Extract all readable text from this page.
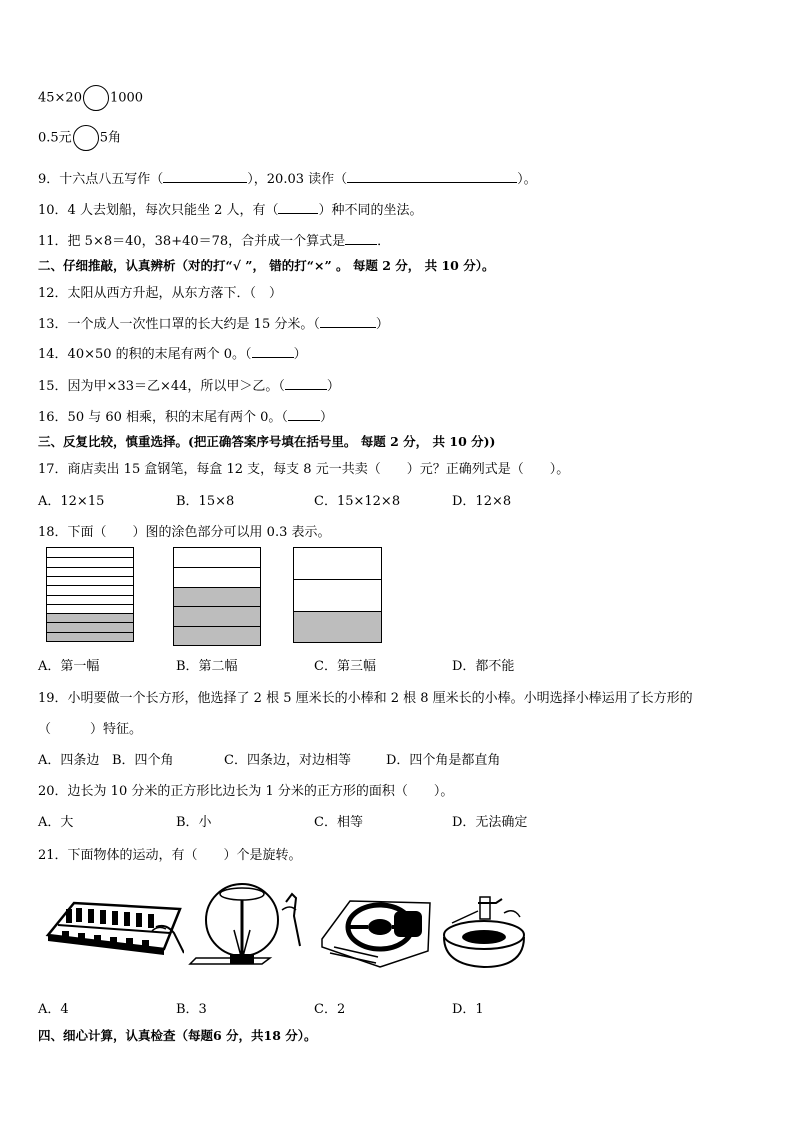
45×20 1000
0.5元 5角
9．十六点八五写作（	），20.03 读作（	）。
10．4 人去划船，每次只能坐 2 人，有（	）种不同的坐法。
11．把 5×8＝40，38+40＝78，合并成一个算式是 ．
二、仔细推敲，认真辨析（对的打“√ ”， 错的打“×” 。 每题 2 分， 共 10 分）。
12．太阳从西方升起，从东方落下．（　）
13．一个成人一次性口罩的长大约是 15 分米。（	）
14．40×50 的积的末尾有两个 0。（	）
15．因为甲×33＝乙×44，所以甲＞乙。（	）
16．50 与 60 相乘，积的末尾有两个 0。（ ）
三、反复比较，慎重选择。(把正确答案序号填在括号里。 每题 2 分， 共 10 分))
17．商店卖出 15 盒钢笔，每盒 12 支，每支 8 元一共卖（　　）元？正确列式是（　　）。
A．12×15	B．15×8	C．15×12×8	D．12×8
18．下面（　　）图的涂色部分可以用 0.3 表示。
A．第一幅	B．第二幅	C．第三幅	D．都不能
19．小明要做一个长方形，他选择了 2 根 5 厘米长的小棒和 2 根 8 厘米长的小棒。小明选择小棒运用了长方形的
（　　　）特征。
A．四条边 B．四个角	C．四条边，对边相等	D．四个角是都直角
20．边长为 10 分米的正方形比边长为 1 分米的正方形的面积（　　）。
A．大	B．小	C．相等	D．无法确定
21．下面物体的运动，有（　　）个是旋转。
A．4	B．3	C．2	D．1
四、细心计算，认真检查（每题6 分，共18 分）。
